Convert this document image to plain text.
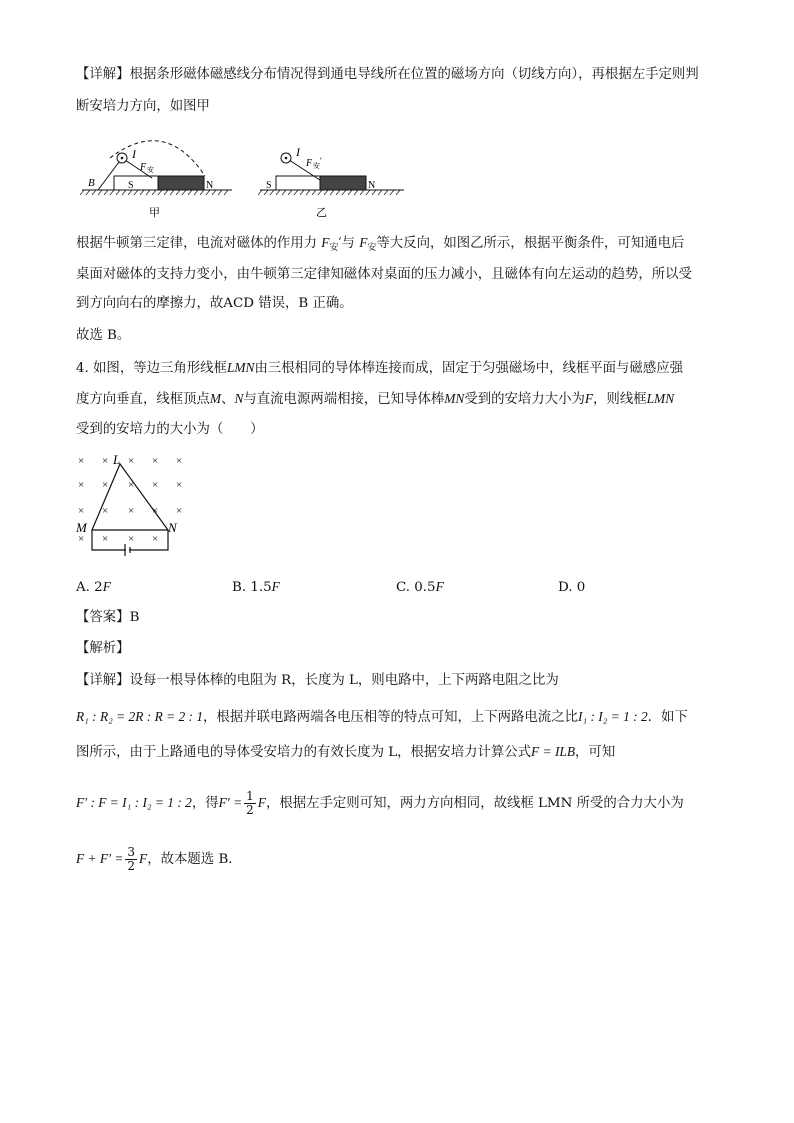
【详解】根据条形磁体磁感线分布情况得到通电导线所在位置的磁场方向（切线方向），再根据左手定则判
断安培力方向，如图甲
I
F 安
B	S	N
甲
I
F 安 ′
S	N
乙
根据牛顿第三定律，电流对磁体的作用力 $F_安'$与 $F_安$等大反向，如图乙所示，根据平衡条件，可知通电后
桌面对磁体的支持力变小，由牛顿第三定律知磁体对桌面的压力减小，且磁体有向左运动的趋势，所以受
到方向向右的摩擦力，故ACD 错误，B 正确。
故选 B。
4. 如图，等边三角形线框LMN由三根相同的导体棒连接而成，固定于匀强磁场中，线框平面与磁感应强
度方向垂直，线框顶点M、N与直流电源两端相接，已知导体棒MN受到的安培力大小为F，则线框LMN
受到的安培力的大小为（　　）
× × × × ×
× × × × ×
× × × × ×
× × × ×
L
M	N
A. 2F	B. 1.5F	C. 0.5F	D. 0
【答案】B
【解析】
【详解】设每一根导体棒的电阻为 R，长度为 L，则电路中，上下两路电阻之比为
R₁ : R₂ = 2R : R = 2 : 1，根据并联电路两端各电压相等的特点可知，上下两路电流之比I₁ : I₂ = 1 : 2．如下
图所示，由于上路通电的导体受安培力的有效长度为 L，根据安培力计算公式F = ILB，可知
F′ : F = I₁ : I₂ = 1 : 2，得$F' = \frac{1}{2}$ F，根据左手定则可知，两力方向相同，故线框 LMN 所受的合力大小为
$F + F' = \frac{3}{2}$ F，故本题选 B．
